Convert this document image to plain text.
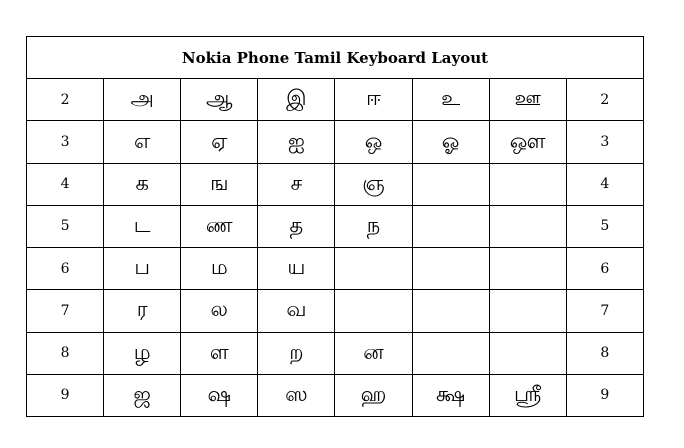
Nokia Phone Tamil Keyboard Layout							
2	அ	ஆ	இ	ஈ	உ	ஊ	2
3	எ	ஏ	ஐ	ஒ	ஓ	ஔ	3
4	க	ங	ச	ஞ			4
5	ட	ண	த	ந			5
6	ப	ம	ய				6
7	ர	ல	வ				7
8	ழ	ள	ற	ன			8
9	ஜ	ஷ	ஸ	ஹ	க்ஷ	ஸ்ரீ	9
